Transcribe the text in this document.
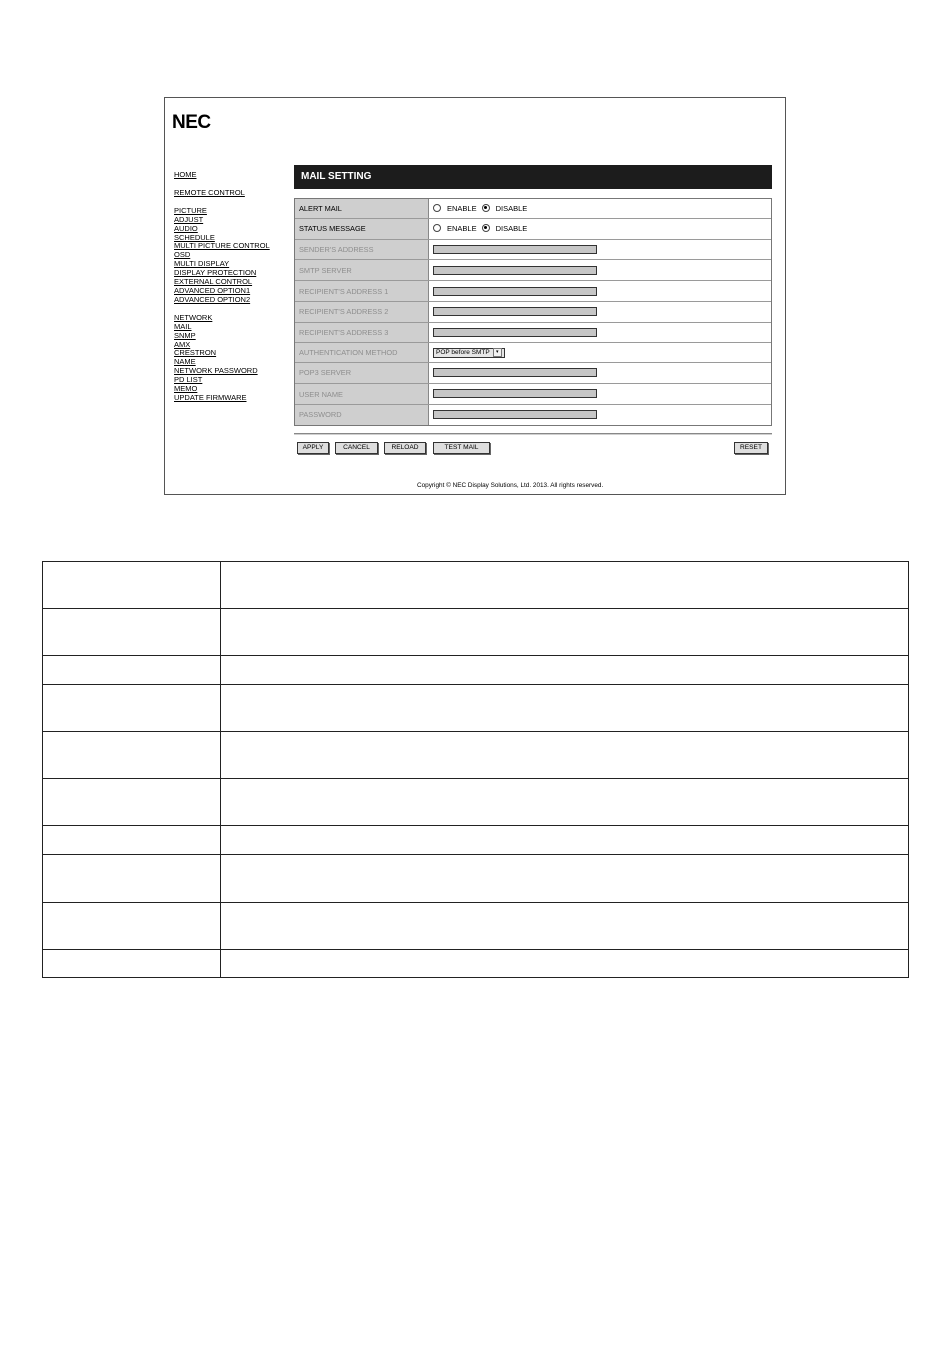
NEC
HOME
REMOTE CONTROL
PICTURE
ADJUST
AUDIO
SCHEDULE
MULTI PICTURE CONTROL
OSD
MULTI DISPLAY
DISPLAY PROTECTION
EXTERNAL CONTROL
ADVANCED OPTION1
ADVANCED OPTION2
NETWORK
MAIL
SNMP
AMX
CRESTRON
NAME
NETWORK PASSWORD
PD LIST
MEMO
UPDATE FIRMWARE
MAIL SETTING
ALERT MAIL	ENABLE	DISABLE
STATUS MESSAGE	ENABLE	DISABLE
SENDER'S ADDRESS
SMTP SERVER
RECIPIENT'S ADDRESS 1
RECIPIENT'S ADDRESS 2
RECIPIENT'S ADDRESS 3
AUTHENTICATION METHOD	POP before SMTP	▾
POP3 SERVER
USER NAME
PASSWORD
APPLY	CANCEL	RELOAD	TEST MAIL	RESET
Copyright © NEC Display Solutions, Ltd. 2013. All rights reserved.
